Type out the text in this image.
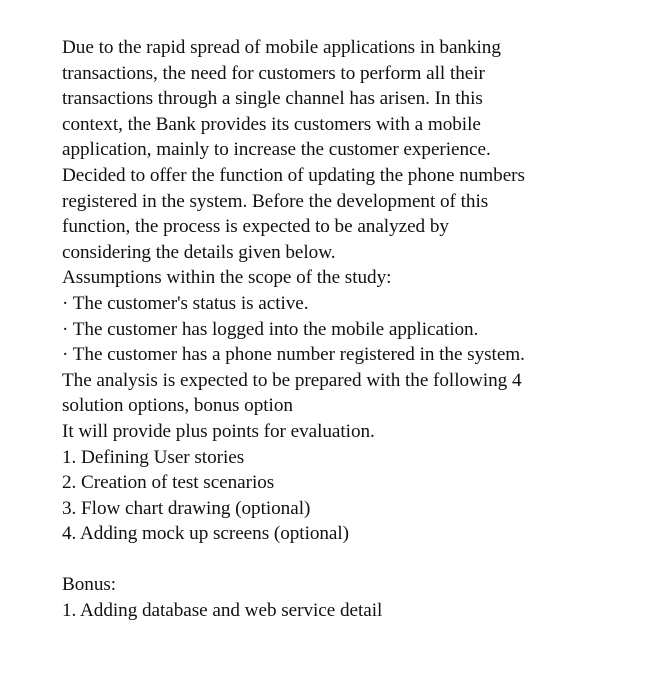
Due to the rapid spread of mobile applications in banking
transactions, the need for customers to perform all their
transactions through a single channel has arisen. In this
context, the Bank provides its customers with a mobile
application, mainly to increase the customer experience.
Decided to offer the function of updating the phone numbers
registered in the system. Before the development of this
function, the process is expected to be analyzed by
considering the details given below.
Assumptions within the scope of the study:
· The customer's status is active.
· The customer has logged into the mobile application.
· The customer has a phone number registered in the system.
The analysis is expected to be prepared with the following 4
solution options, bonus option
It will provide plus points for evaluation.
1. Defining User stories
2. Creation of test scenarios
3. Flow chart drawing (optional)
4. Adding mock up screens (optional)
Bonus:
1. Adding database and web service detail
